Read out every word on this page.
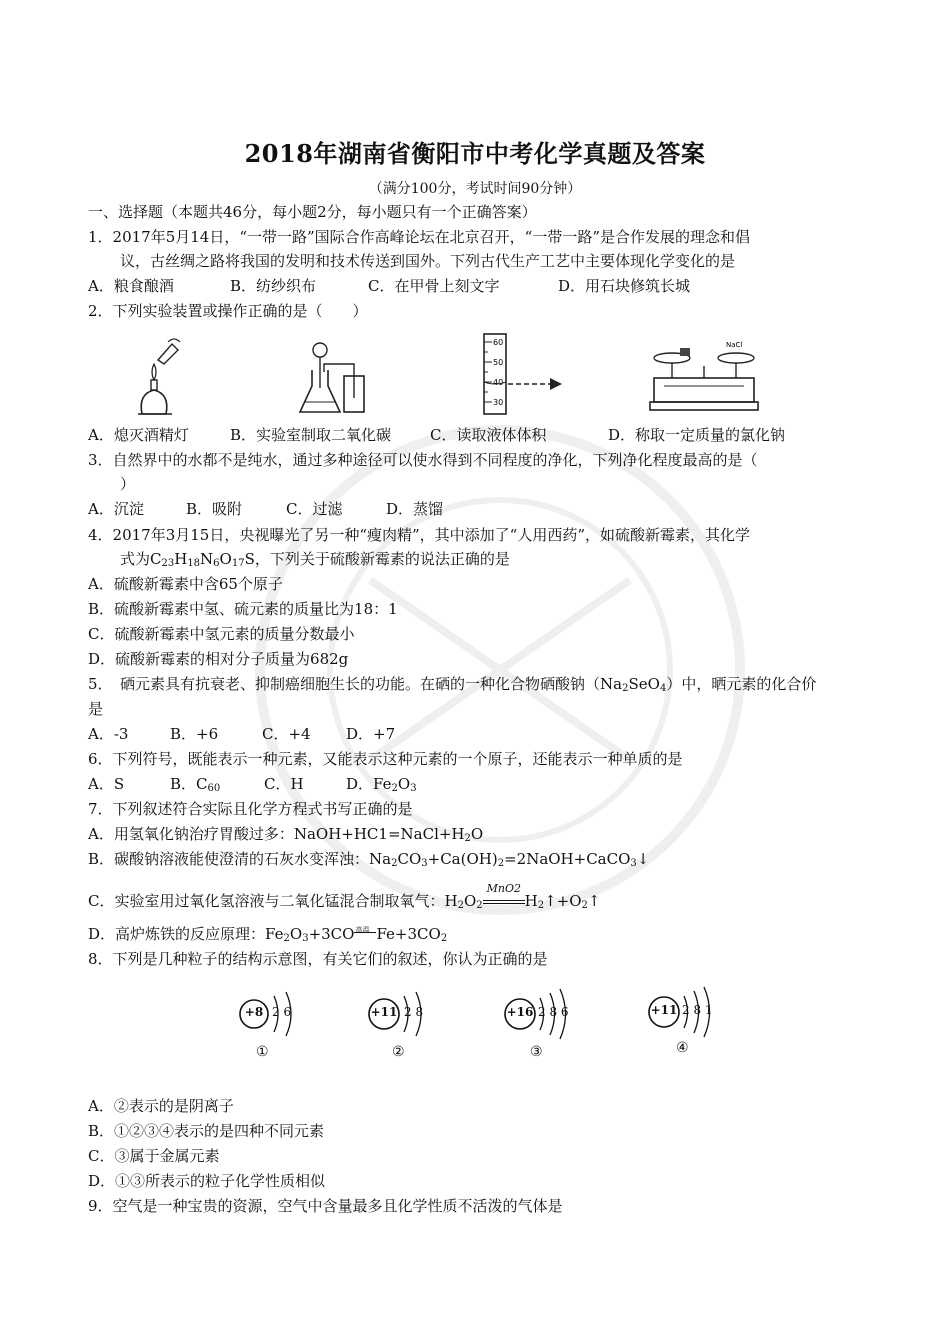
2018年湖南省衡阳市中考化学真题及答案
（满分100分，考试时间90分钟）
一、选择题（本题共46分，每小题2分，每小题只有一个正确答案）
1．2017年5月14日，“一带一路”国际合作高峰论坛在北京召开，“一带一路”是合作发展的理念和倡
议，古丝绸之路将我国的发明和技术传送到国外。下列古代生产工艺中主要体现化学变化的是
A．粮食酿酒	B．纺纱织布	C．在甲骨上刻文字	D．用石块修筑长城
2．下列实验装置或操作正确的是（　　）
60
50
40
30
NaCl
A．熄灭酒精灯	B．实验室制取二氧化碳	C．读取液体体积	D．称取一定质量的氯化钠
3．自然界中的水都不是纯水，通过多种途径可以使水得到不同程度的净化，下列净化程度最高的是（
）
A．沉淀	B．吸附	C．过滤	D．蒸馏
4．2017年3月15日，央视曝光了另一种“瘦肉精”，其中添加了“人用西药”，如硫酸新霉素，其化学
式为$C_{23}H_{18}N_6O_{17}S$，下列关于硫酸新霉素的说法正确的是
A．硫酸新霉素中含65个原子
B．硫酸新霉素中氢、硫元素的质量比为18：1
C．硫酸新霉素中氢元素的质量分数最小
D．硫酸新霉素的相对分子质量为682g
5．　硒元素具有抗衰老、抑制癌细胞生长的功能。在硒的一种化合物硒酸钠$(Na_2SeO_4)$中，晒元素的化合价
是
A．-3	B．+6	C．+4 D．+7
6．下列符号，既能表示一种元素，又能表示这种元素的一个原子，还能表示一种单质的是
A．S	B．$C_{60}$	C．H	D．$Fe_2O_3$
7．下列叙述符合实际且化学方程式书写正确的是
A．用氢氧化钠治疗胃酸过多：$NaOH+HC1=NaCl+H_2O$
B．碳酸钠溶液能使澄清的石灰水变浑浊：$Na_2CO_3+Ca(OH)_2=2NaOH+CaCO_3↓$
C．实验室用过氧化氢溶液与二氧化锰混合制取氧气：$H_2O_2$
MnO2
$H_2↑+O_2↑$
D．高炉炼铁的反应原理：$Fe_2O_3+3CO$ 高温 $Fe+3CO_2$
8．下列是几种粒子的结构示意图，有关它们的叙述，你认为正确的是
+8 2 6
①
+11 2 8
②
+16 2 8 6
③
+11 2 8 1
④
A．②表示的是阴离子
B．①②③④表示的是四种不同元素
C．③属于金属元素
D．①③所表示的粒子化学性质相似
9．空气是一种宝贵的资源，空气中含量最多且化学性质不活泼的气体是
